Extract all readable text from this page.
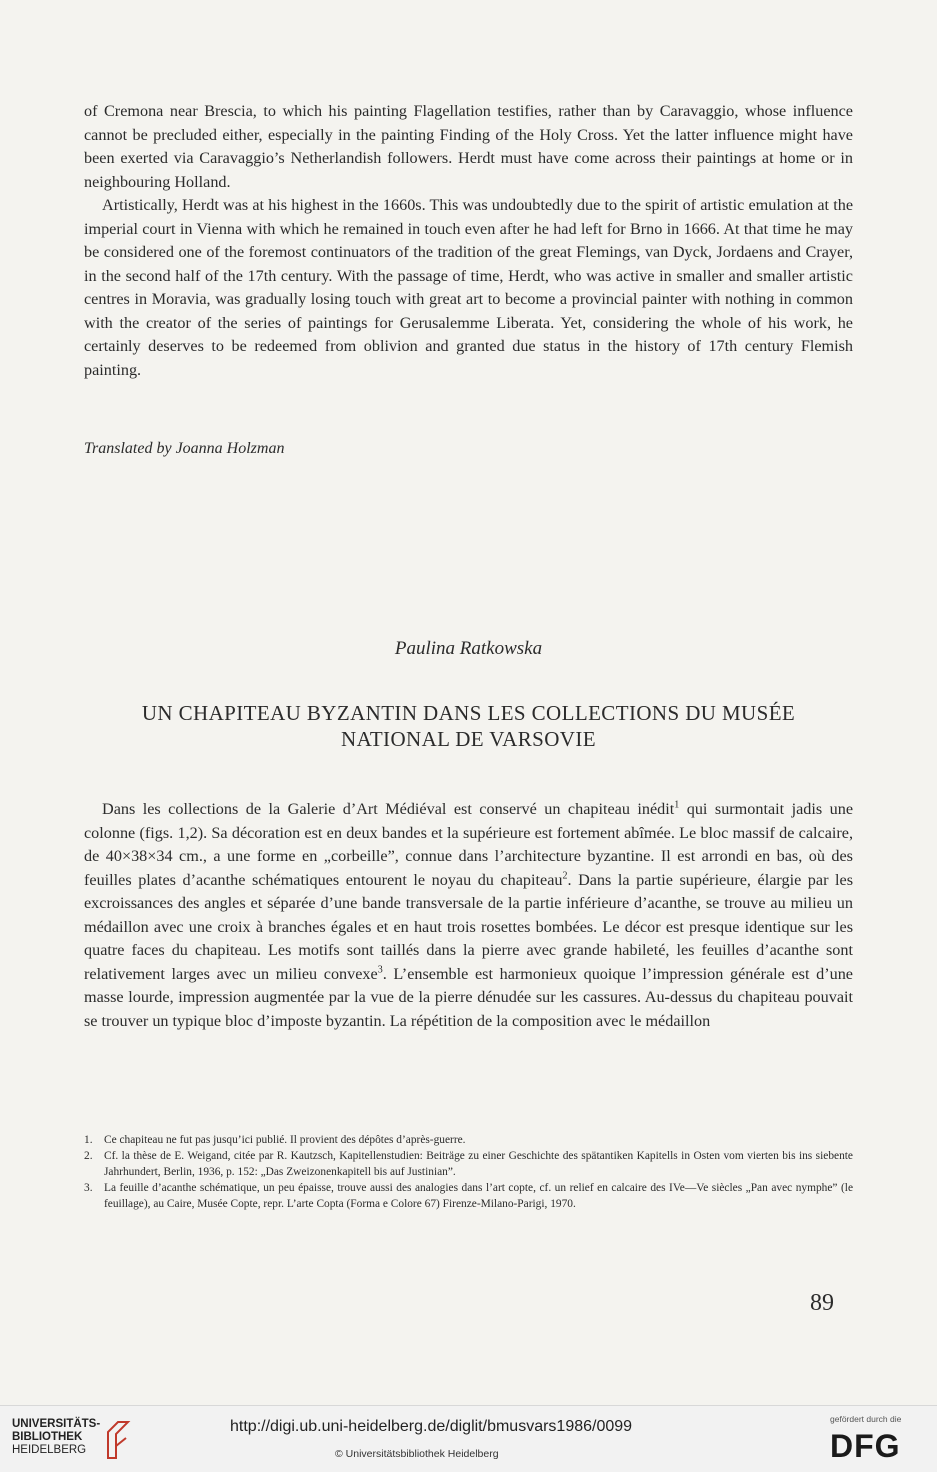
of Cremona near Brescia, to which his painting Flagellation testifies, rather than by Caravaggio, whose influence cannot be precluded either, especially in the painting Finding of the Holy Cross. Yet the latter influence might have been exerted via Caravaggio’s Netherlandish followers. Herdt must have come across their paintings at home or in neighbouring Holland.

Artistically, Herdt was at his highest in the 1660s. This was undoubtedly due to the spirit of artistic emulation at the imperial court in Vienna with which he remained in touch even after he had left for Brno in 1666. At that time he may be considered one of the foremost continuators of the tradition of the great Flemings, van Dyck, Jordaens and Crayer, in the second half of the 17th century. With the passage of time, Herdt, who was active in smaller and smaller artistic centres in Moravia, was gradually losing touch with great art to become a provincial painter with nothing in common with the creator of the series of paintings for Gerusalemme Liberata. Yet, considering the whole of his work, he certainly deserves to be redeemed from oblivion and granted due status in the history of 17th century Flemish painting.

Translated by Joanna Holzman
Paulina Ratkowska
UN CHAPITEAU BYZANTIN DANS LES COLLECTIONS DU MUSÉE
NATIONAL DE VARSOVIE

Dans les collections de la Galerie d’Art Médiéval est conservé un chapiteau inédit$^1$ qui surmontait jadis une colonne (figs. 1,2). Sa décoration est en deux bandes et la supérieure est fortement abîmée. Le bloc massif de calcaire, de 40×38×34 cm., a une forme en „corbeille”, connue dans l’architecture byzantine. Il est arrondi en bas, où des feuilles plates d’acanthe schématiques entourent le noyau du chapiteau$^2$. Dans la partie supérieure, élargie par les excroissances des angles et séparée d’une bande transversale de la partie inférieure d’acanthe, se trouve au milieu un médaillon avec une croix à branches égales et en haut trois rosettes bombées. Le décor est presque identique sur les quatre faces du chapiteau. Les motifs sont taillés dans la pierre avec grande habileté, les feuilles d’acanthe sont relativement larges avec un milieu convexe$^3$. L’ensemble est harmonieux quoique l’impression générale est d’une masse lourde, impression augmentée par la vue de la pierre dénudée sur les cassures. Au-dessus du chapiteau pouvait se trouver un typique bloc d’imposte byzantin. La répétition de la composition avec le médaillon

1.	Ce chapiteau ne fut pas jusqu’ici publié. Il provient des dépôtes d’après-guerre.
2.	Cf. la thèse de E. Weigand, citée par R. Kautzsch, Kapitellenstudien: Beiträge zu einer Geschichte des spätantiken Kapitells in Osten vom vierten bis ins siebente Jahrhundert, Berlin, 1936, p. 152: „Das Zweizonenkapitell bis auf Justinian”.
3.	La feuille d’acanthe schématique, un peu épaisse, trouve aussi des analogies dans l’art copte, cf. un relief en calcaire des IVe—Ve siècles „Pan avec nymphe” (le feuillage), au Caire, Musée Copte, repr. L’arte Copta (Forma e Colore 67) Firenze-Milano-Parigi, 1970.
89
UNIVERSITÄTS-
BIBLIOTHEK
HEIDELBERG
http://digi.ub.uni-heidelberg.de/diglit/bmusvars1986/0099
© Universitätsbibliothek Heidelberg
gefördert durch die
DFG
